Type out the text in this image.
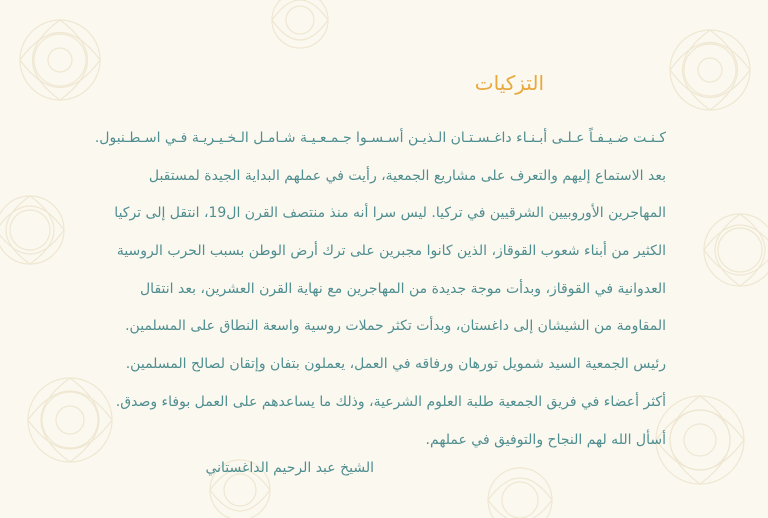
التزكيات
كـنـت ضـيـفـاً عـلـى أبـنـاء داغـسـتـان الـذيـن أسـسـوا جـمـعـيـة شـامـل الـخـيـريـة فـي اسـطـنبول.
بعد الاستماع إليهم والتعرف على مشاريع الجمعية، رأيت في عملهم البداية الجيدة لمستقبل
المهاجرين الأوروبيين الشرقيين في تركيا. ليس سرا أنه منذ منتصف القرن ال19، انتقل إلى تركيا
الكثير من أبناء شعوب القوقاز، الذين كانوا مجبرين على ترك أرض الوطن بسبب الحرب الروسية
العدوانية في القوقاز، وبدأت موجة جديدة من المهاجرين مع نهاية القرن العشرين، بعد انتقال
المقاومة من الشيشان إلى داغستان، وبدأت تكثر حملات روسية واسعة النطاق على المسلمين.
رئيس الجمعية السيد شمويل تورهان ورفاقه في العمل، يعملون بتفان وإتقان لصالح المسلمين.
أكثر أعضاء في فريق الجمعية طلبة العلوم الشرعية، وذلك ما يساعدهم على العمل بوفاء وصدق.
أسأل الله لهم النجاح والتوفيق في عملهم.

الشيخ عبد الرحيم الداغستاني
